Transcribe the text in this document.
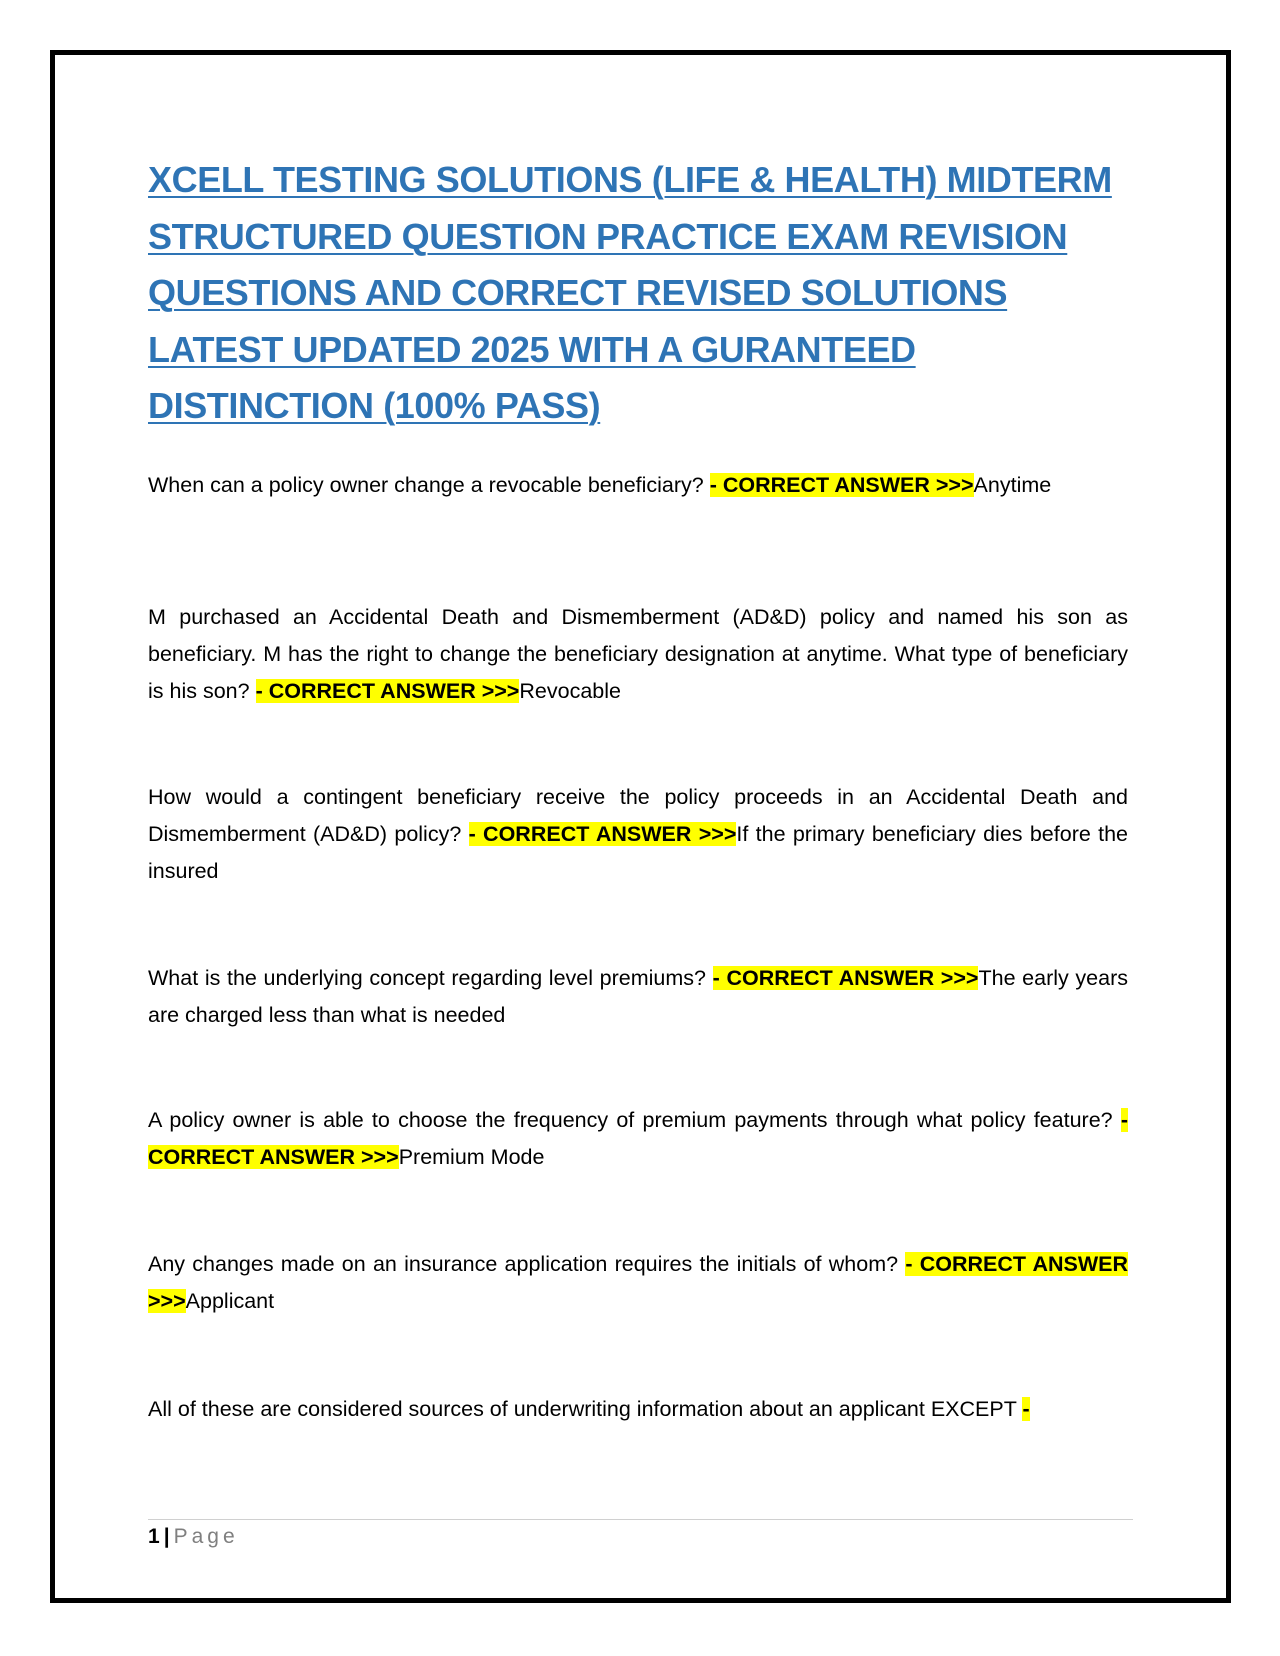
XCELL TESTING SOLUTIONS (LIFE & HEALTH) MIDTERM STRUCTURED QUESTION PRACTICE EXAM REVISION QUESTIONS AND CORRECT REVISED SOLUTIONS LATEST UPDATED 2025 WITH A GURANTEED DISTINCTION (100% PASS)

When can a policy owner change a revocable beneficiary? - CORRECT ANSWER >>>Anytime

M purchased an Accidental Death and Dismemberment (AD&D) policy and named his son as beneficiary. M has the right to change the beneficiary designation at anytime. What type of beneficiary is his son? - CORRECT ANSWER >>>Revocable

How would a contingent beneficiary receive the policy proceeds in an Accidental Death and Dismemberment (AD&D) policy? - CORRECT ANSWER >>>If the primary beneficiary dies before the insured

What is the underlying concept regarding level premiums? - CORRECT ANSWER >>>The early years are charged less than what is needed

A policy owner is able to choose the frequency of premium payments through what policy feature? - CORRECT ANSWER >>>Premium Mode

Any changes made on an insurance application requires the initials of whom? - CORRECT ANSWER >>>Applicant

All of these are considered sources of underwriting information about an applicant EXCEPT -

1 | Page
